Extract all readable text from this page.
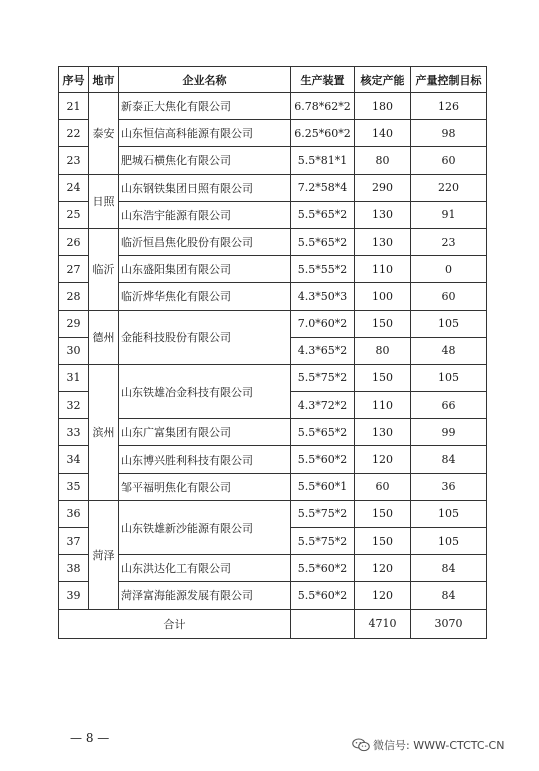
序号	地市	企业名称	生产装置	核定产能	产量控制目标
21	泰安	新泰正大焦化有限公司	6.78*62*2	180	126
22		山东恒信高科能源有限公司	6.25*60*2	140	98
23		肥城石横焦化有限公司	5.5*81*1	80	60
24	日照	山东钢铁集团日照有限公司	7.2*58*4	290	220
25		山东浩宇能源有限公司	5.5*65*2	130	91
26	临沂	临沂恒昌焦化股份有限公司	5.5*65*2	130	23
27		山东盛阳集团有限公司	5.5*55*2	110	0
28		临沂烨华焦化有限公司	4.3*50*3	100	60
29	德州	金能科技股份有限公司	7.0*60*2	150	105
30			4.3*65*2	80	48
31	滨州	山东铁雄冶金科技有限公司	5.5*75*2	150	105
32			4.3*72*2	110	66
33		山东广富集团有限公司	5.5*65*2	130	99
34		山东博兴胜利科技有限公司	5.5*60*2	120	84
35		邹平福明焦化有限公司	5.5*60*1	60	36
36	菏泽	山东铁雄新沙能源有限公司	5.5*75*2	150	105
37			5.5*75*2	150	105
38		山东洪达化工有限公司	5.5*60*2	120	84
39		菏泽富海能源发展有限公司	5.5*60*2	120	84
合计				4710	3070
— 8 —
微信号: WWW-CTCTC-CN
